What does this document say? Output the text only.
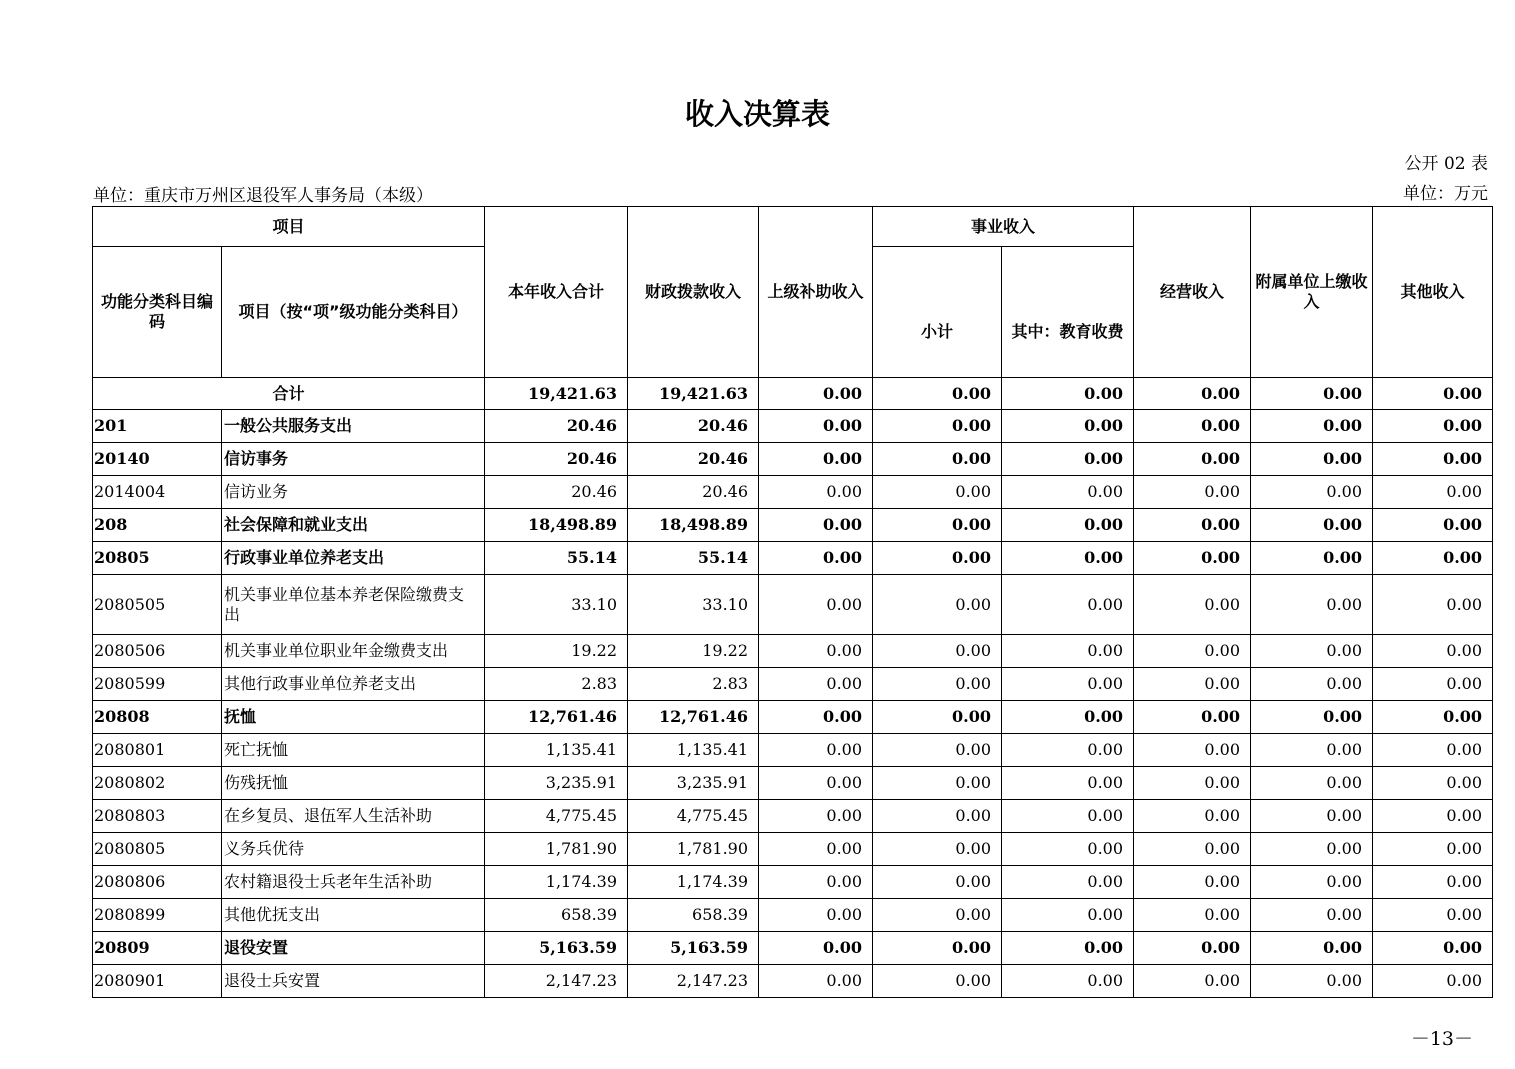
收入决算表
公开 02 表
单位：重庆市万州区退役军人事务局（本级）	单位：万元
项目		本年收入合计	财政拨款收入	上级补助收入	事业收入		经营收入	附属单位上缴收入	其他收入
功能分类科目编码	项目（按“项”级功能分类科目）				小计	其中：教育收费			
合计		19,421.63	19,421.63	0.00	0.00	0.00	0.00	0.00	0.00
201	一般公共服务支出	20.46	20.46	0.00	0.00	0.00	0.00	0.00	0.00
20140	信访事务	20.46	20.46	0.00	0.00	0.00	0.00	0.00	0.00
2014004	信访业务	20.46	20.46	0.00	0.00	0.00	0.00	0.00	0.00
208	社会保障和就业支出	18,498.89	18,498.89	0.00	0.00	0.00	0.00	0.00	0.00
20805	行政事业单位养老支出	55.14	55.14	0.00	0.00	0.00	0.00	0.00	0.00
2080505	机关事业单位基本养老保险缴费支出	33.10	33.10	0.00	0.00	0.00	0.00	0.00	0.00
2080506	机关事业单位职业年金缴费支出	19.22	19.22	0.00	0.00	0.00	0.00	0.00	0.00
2080599	其他行政事业单位养老支出	2.83	2.83	0.00	0.00	0.00	0.00	0.00	0.00
20808	抚恤	12,761.46	12,761.46	0.00	0.00	0.00	0.00	0.00	0.00
2080801	死亡抚恤	1,135.41	1,135.41	0.00	0.00	0.00	0.00	0.00	0.00
2080802	伤残抚恤	3,235.91	3,235.91	0.00	0.00	0.00	0.00	0.00	0.00
2080803	在乡复员、退伍军人生活补助	4,775.45	4,775.45	0.00	0.00	0.00	0.00	0.00	0.00
2080805	义务兵优待	1,781.90	1,781.90	0.00	0.00	0.00	0.00	0.00	0.00
2080806	农村籍退役士兵老年生活补助	1,174.39	1,174.39	0.00	0.00	0.00	0.00	0.00	0.00
2080899	其他优抚支出	658.39	658.39	0.00	0.00	0.00	0.00	0.00	0.00
20809	退役安置	5,163.59	5,163.59	0.00	0.00	0.00	0.00	0.00	0.00
2080901	退役士兵安置	2,147.23	2,147.23	0.00	0.00	0.00	0.00	0.00	0.00
－13－
